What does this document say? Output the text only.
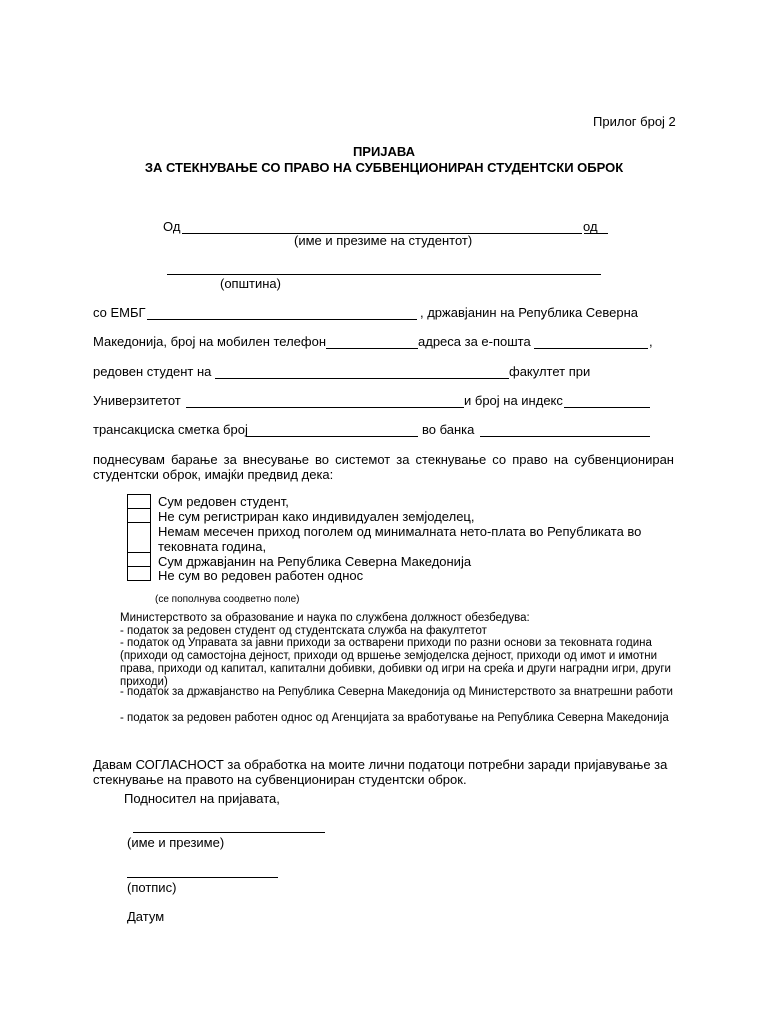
Прилог број 2
ПРИЈАВА
ЗА СТЕКНУВАЊЕ СО ПРАВО НА СУБВЕНЦИОНИРАН СТУДЕНТСКИ ОБРОК
Од	од
(име и презиме на студентот)
(општина)
со ЕМБГ	, државјанин на Република Северна
Македонија, број на мобилен телефон	адреса за е-пошта	,
редовен студент на	факултет при
Универзитетот	и број на индекс
трансакциска сметка број	во банка
поднесувам барање за внесување во системот за стекнување со право на субвенциониран студентски оброк, имајќи предвид дека:
Сум редовен студент,
Не сум регистриран како индивидуален земјоделец,
Немам месечен приход поголем од минималната нето-плата во Републиката во
тековната година,
Сум државјанин на Република Северна Македонија
Не сум во редовен работен однос
(се пополнува соодветно поле)
Министерството за образование и наука по службена должност обезбедува:
- податок за редовен студент од студентската служба на факултетот
- податок од Управата за јавни приходи за остварени приходи по разни основи за тековната година (приходи од самостојна дејност, приходи од вршење земјоделска дејност, приходи од имот и имотни права, приходи од капитал, капитални добивки, добивки од игри на среќа и други наградни игри, други приходи)
- податок за државјанство на Република Северна Македонија од Министерството за внатрешни работи
- податок за редовен работен однос од Агенцијата за вработување на Република Северна Македонија
Давам СОГЛАСНОСТ за обработка на моите лични податоци потребни заради пријавување за стекнување на правото на субвенциониран студентски оброк.
Подносител на пријавата,
(име и презиме)
(потпис)
Датум
